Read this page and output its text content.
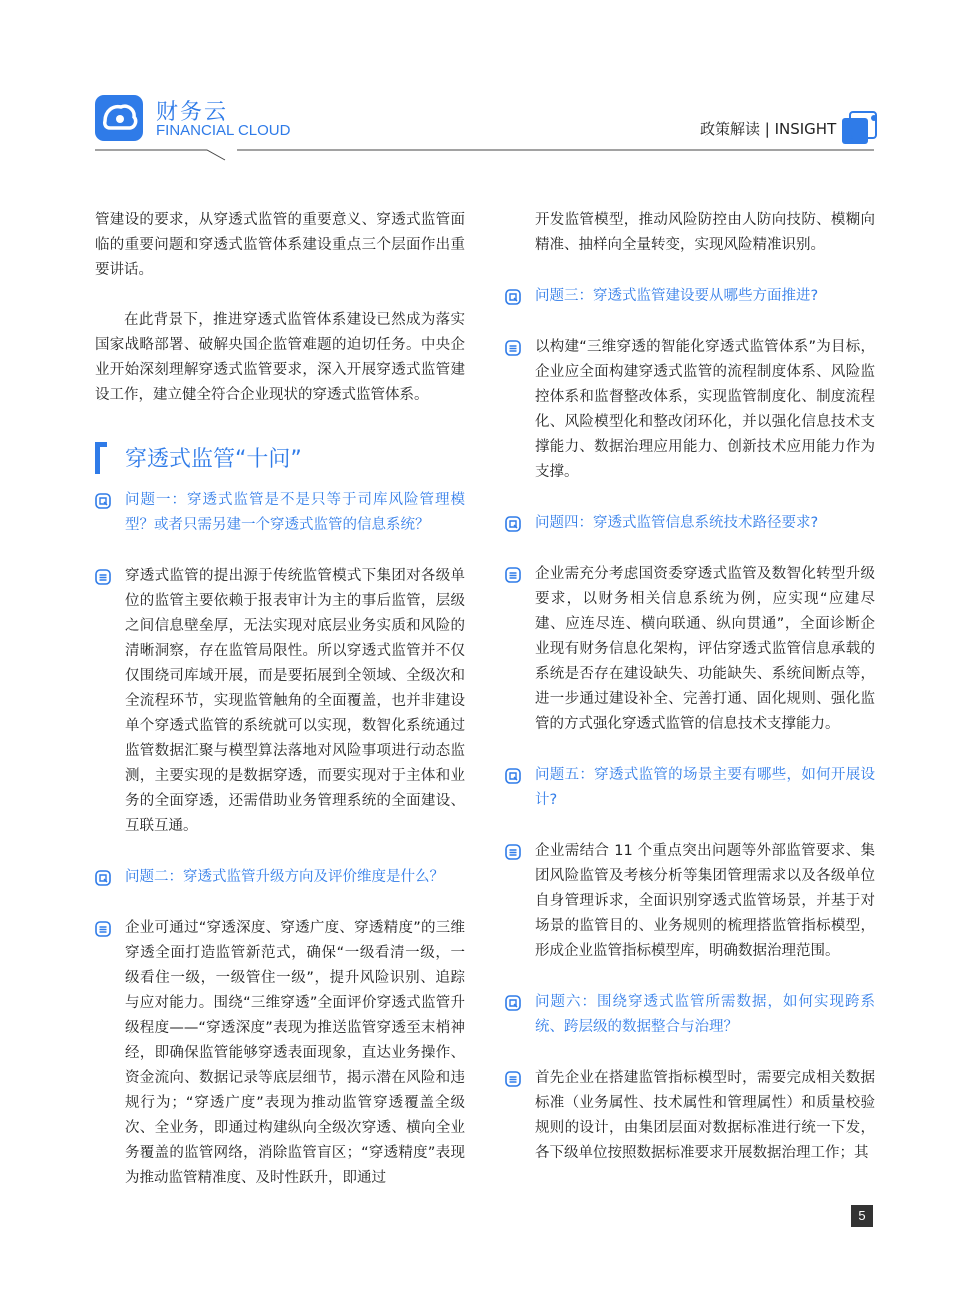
财务云
FINANCIAL CLOUD	政策解读 | INSIGHT

管建设的要求，从穿透式监管的重要意义、穿透式监管面临的重要问题和穿透式监管体系建设重点三个层面作出重要讲话。

在此背景下，推进穿透式监管体系建设已然成为落实国家战略部署、破解央国企监管难题的迫切任务。中央企业开始深刻理解穿透式监管要求，深入开展穿透式监管建设工作，建立健全符合企业现状的穿透式监管体系。

穿透式监管“十问”

问题一：穿透式监管是不是只等于司库风险管理模型？或者只需另建一个穿透式监管的信息系统？

穿透式监管的提出源于传统监管模式下集团对各级单位的监管主要依赖于报表审计为主的事后监管，层级之间信息壁垒厚，无法实现对底层业务实质和风险的清晰洞察，存在监管局限性。所以穿透式监管并不仅仅围绕司库域开展，而是要拓展到全领域、全级次和全流程环节，实现监管触角的全面覆盖，也并非建设单个穿透式监管的系统就可以实现，数智化系统通过监管数据汇聚与模型算法落地对风险事项进行动态监测，主要实现的是数据穿透，而要实现对于主体和业务的全面穿透，还需借助业务管理系统的全面建设、互联互通。

问题二：穿透式监管升级方向及评价维度是什么？

企业可通过“穿透深度、穿透广度、穿透精度”的三维穿透全面打造监管新范式，确保“一级看清一级，一级看住一级，一级管住一级”，提升风险识别、追踪与应对能力。围绕“三维穿透”全面评价穿透式监管升级程度——“穿透深度”表现为推送监管穿透至末梢神经，即确保监管能够穿透表面现象，直达业务操作、资金流向、数据记录等底层细节，揭示潜在风险和违规行为；“穿透广度”表现为推动监管穿透覆盖全级次、全业务，即通过构建纵向全级次穿透、横向全业务覆盖的监管网络，消除监管盲区；“穿透精度”表现为推动监管精准度、及时性跃升，即通过

开发监管模型，推动风险防控由人防向技防、模糊向精准、抽样向全量转变，实现风险精准识别。

问题三：穿透式监管建设要从哪些方面推进?

以构建“三维穿透的智能化穿透式监管体系”为目标，企业应全面构建穿透式监管的流程制度体系、风险监控体系和监督整改体系，实现监管制度化、制度流程化、风险模型化和整改闭环化，并以强化信息技术支撑能力、数据治理应用能力、创新技术应用能力作为支撑。

问题四：穿透式监管信息系统技术路径要求?

企业需充分考虑国资委穿透式监管及数智化转型升级要求，以财务相关信息系统为例，应实现“应建尽建、应连尽连、横向联通、纵向贯通”，全面诊断企业现有财务信息化架构，评估穿透式监管信息承载的系统是否存在建设缺失、功能缺失、系统间断点等，进一步通过建设补全、完善打通、固化规则、强化监管的方式强化穿透式监管的信息技术支撑能力。

问题五：穿透式监管的场景主要有哪些，如何开展设计?

企业需结合 11 个重点突出问题等外部监管要求、集团风险监管及考核分析等集团管理需求以及各级单位自身管理诉求，全面识别穿透式监管场景，并基于对场景的监管目的、业务规则的梳理搭监管指标模型，形成企业监管指标模型库，明确数据治理范围。

问题六：围绕穿透式监管所需数据，如何实现跨系统、跨层级的数据整合与治理？

首先企业在搭建监管指标模型时，需要完成相关数据标准（业务属性、技术属性和管理属性）和质量校验规则的设计，由集团层面对数据标准进行统一下发，各下级单位按照数据标准要求开展数据治理工作；其

5
